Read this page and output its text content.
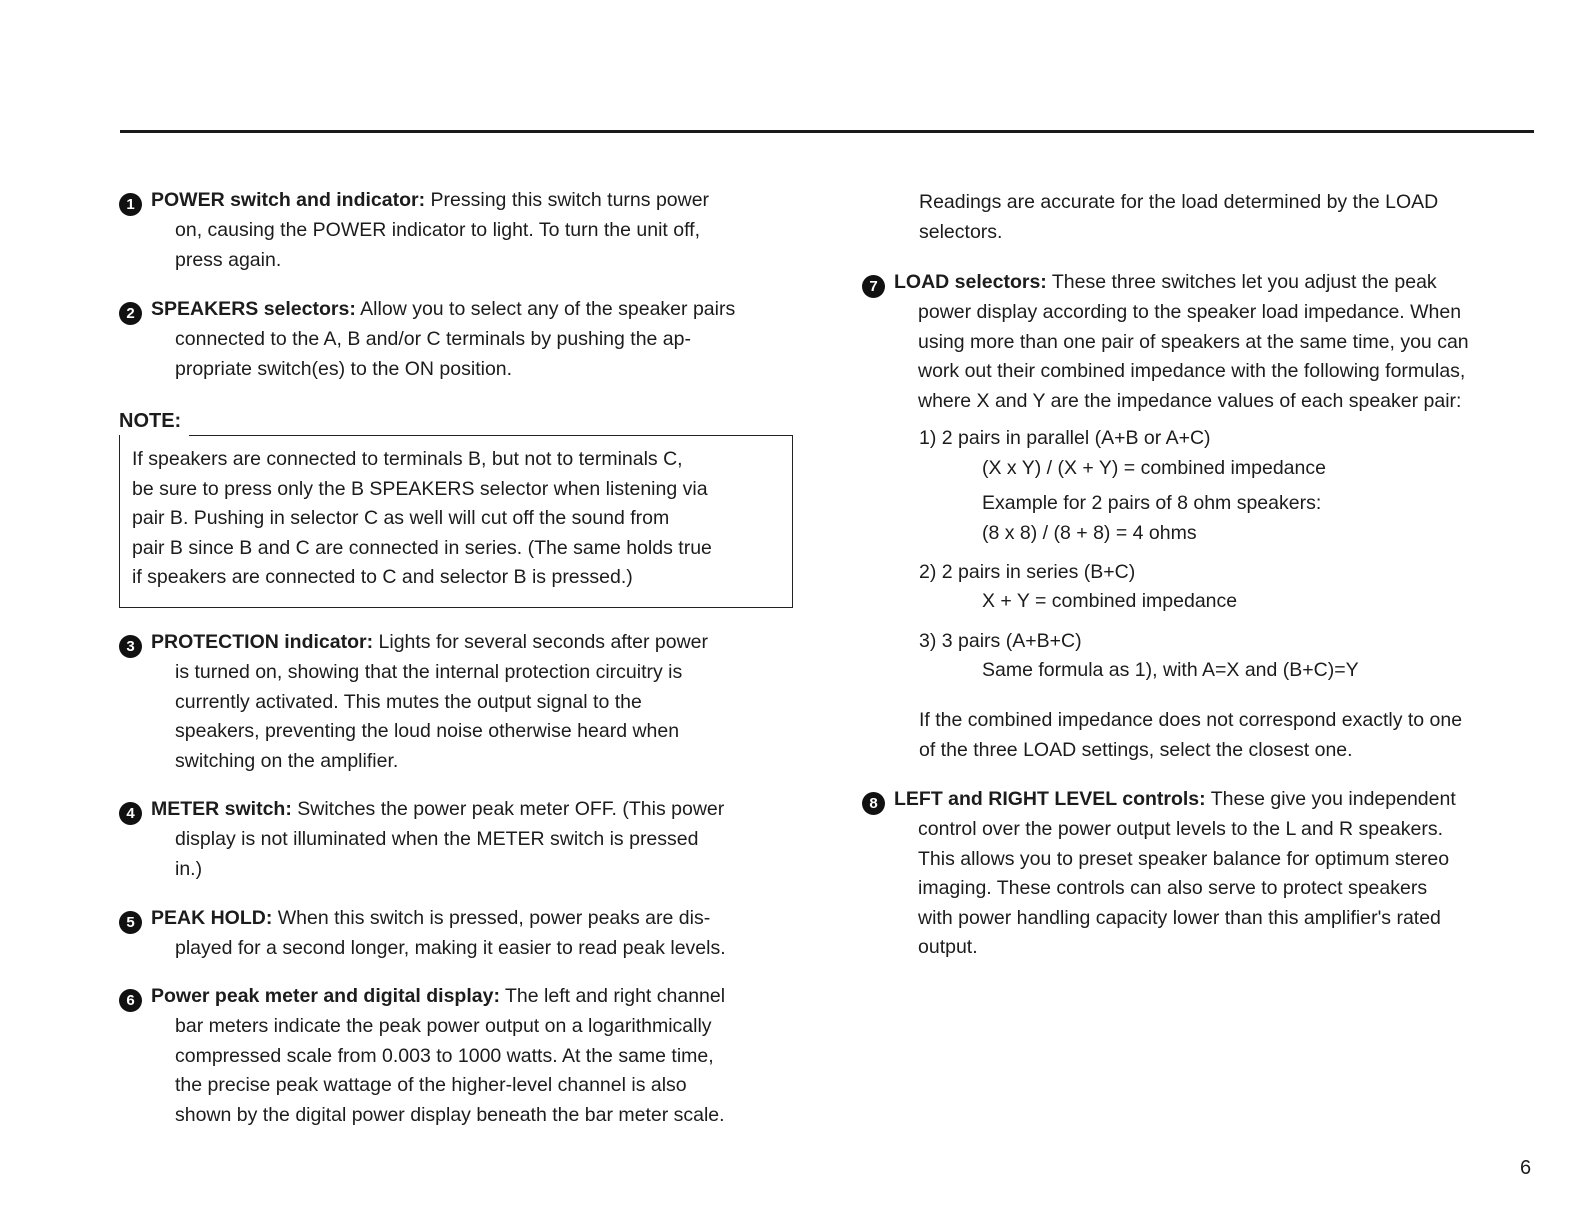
1 POWER switch and indicator: Pressing this switch turns power
on, causing the POWER indicator to light. To turn the unit off,
press again.
2 SPEAKERS selectors: Allow you to select any of the speaker pairs
connected to the A, B and/or C terminals by pushing the ap-
propriate switch(es) to the ON position.
NOTE:

If speakers are connected to terminals B, but not to terminals C,

be sure to press only the B SPEAKERS selector when listening via

pair B. Pushing in selector C as well will cut off the sound from

pair B since B and C are connected in series. (The same holds true

if speakers are connected to C and selector B is pressed.)

3 PROTECTION indicator: Lights for several seconds after power
is turned on, showing that the internal protection circuitry is
currently activated. This mutes the output signal to the
speakers, preventing the loud noise otherwise heard when
switching on the amplifier.
4 METER switch: Switches the power peak meter OFF. (This power
display is not illuminated when the METER switch is pressed
in.)
5 PEAK HOLD: When this switch is pressed, power peaks are dis-
played for a second longer, making it easier to read peak levels.
6 Power peak meter and digital display: The left and right channel
bar meters indicate the peak power output on a logarithmically
compressed scale from 0.003 to 1000 watts. At the same time,
the precise peak wattage of the higher-level channel is also
shown by the digital power display beneath the bar meter scale.
Readings are accurate for the load determined by the LOAD
selectors.
7 LOAD selectors: These three switches let you adjust the peak
power display according to the speaker load impedance. When
using more than one pair of speakers at the same time, you can
work out their combined impedance with the following formulas,
where X and Y are the impedance values of each speaker pair:
1) 2 pairs in parallel (A+B or A+C)
(X x Y) / (X + Y) = combined impedance
Example for 2 pairs of 8 ohm speakers:
(8 x 8) / (8 + 8) = 4 ohms
2) 2 pairs in series (B+C)
X + Y = combined impedance
3) 3 pairs (A+B+C)
Same formula as 1), with A=X and (B+C)=Y
If the combined impedance does not correspond exactly to one
of the three LOAD settings, select the closest one.
8 LEFT and RIGHT LEVEL controls: These give you independent
control over the power output levels to the L and R speakers.
This allows you to preset speaker balance for optimum stereo
imaging. These controls can also serve to protect speakers
with power handling capacity lower than this amplifier's rated
output.
6
